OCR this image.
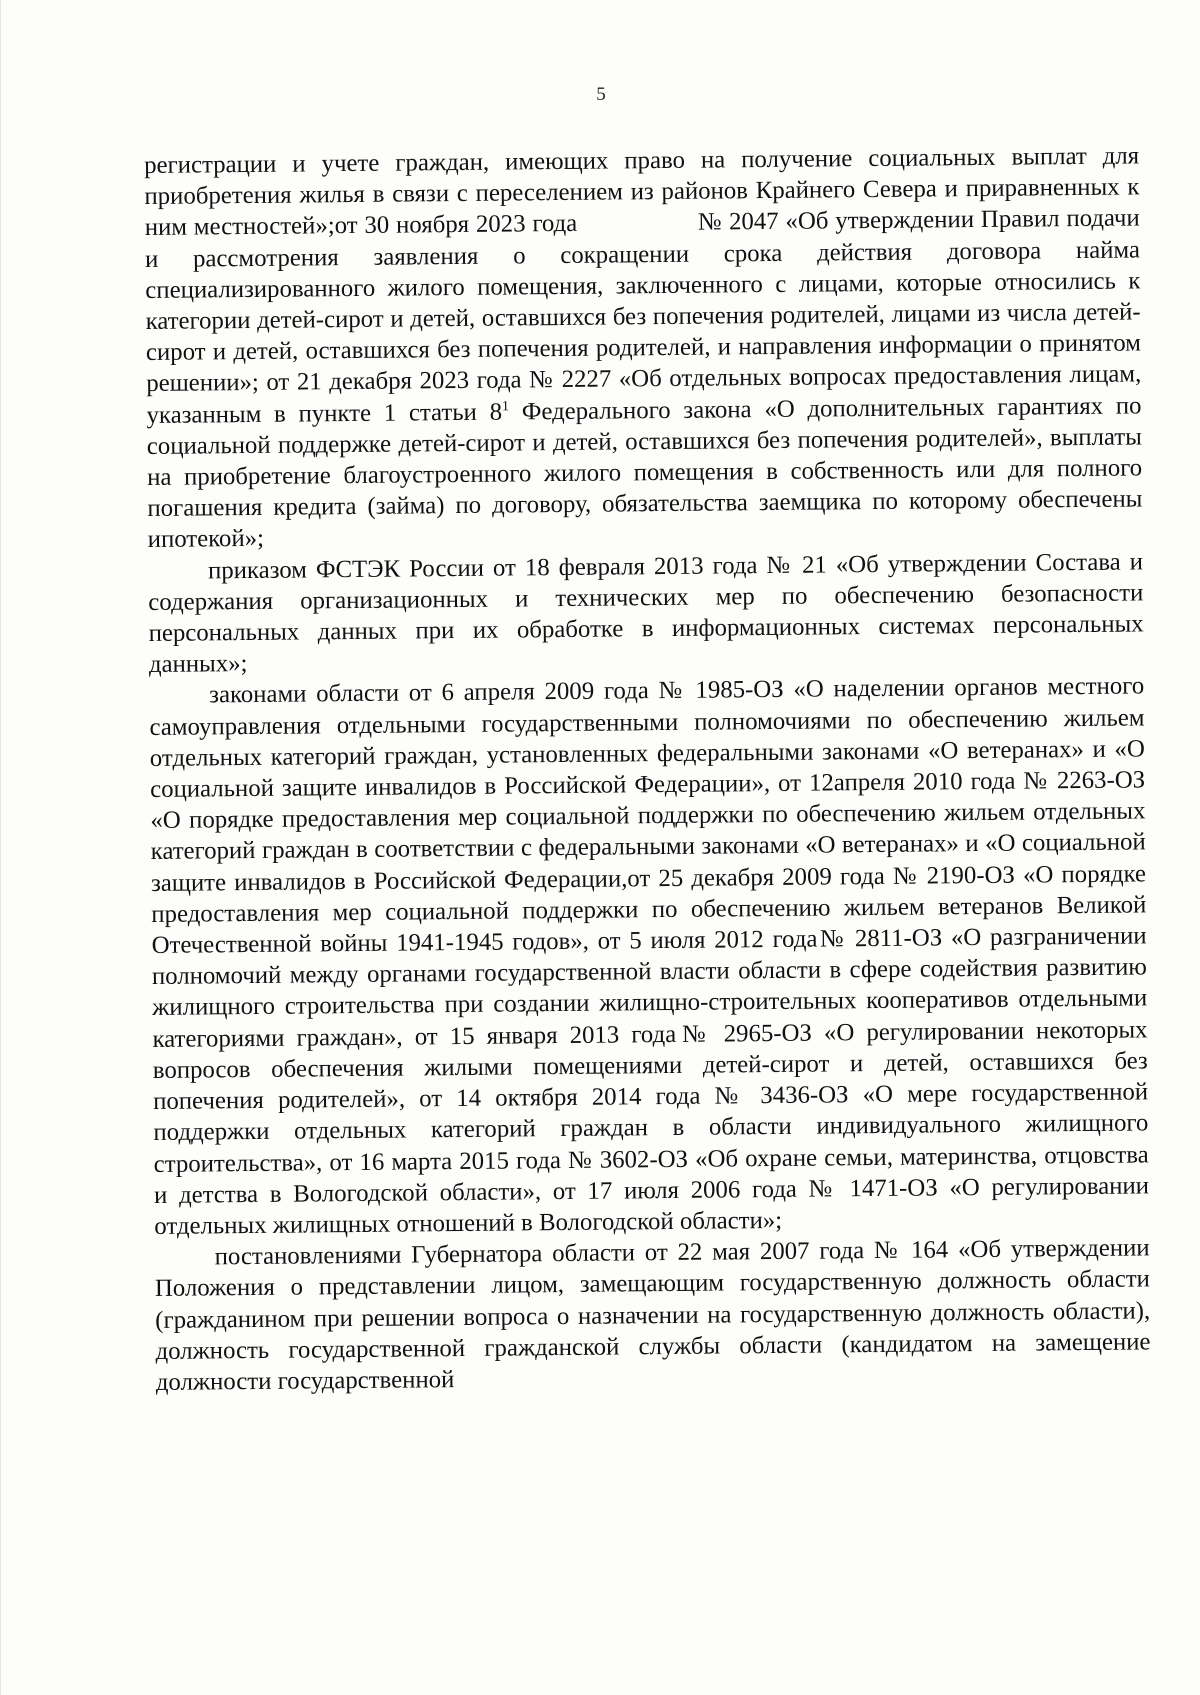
5

регистрации и учете граждан, имеющих право на получение социальных выплат для приобретения жилья в связи с переселением из районов Крайнего Севера и приравненных к ним местностей»;от 30 ноября 2023 года	№ 2047 «Об утверждении Правил подачи и рассмотрения заявления о сокращении срока действия договора найма специализированного жилого помещения, заключенного с лицами, которые относились к категории детей-сирот и детей, оставшихся без попечения родителей, лицами из числа детей-сирот и детей, оставшихся без попечения родителей, и направления информации о принятом решении»; от 21 декабря 2023 года № 2227 «Об отдельных вопросах предоставления лицам, указанным в пункте 1 статьи $8^1$ Федерального закона «О дополнительных гарантиях по социальной поддержке детей-сирот и детей, оставшихся без попечения родителей», выплаты на приобретение благоустроенного жилого помещения в собственность или для полного погашения кредита (займа) по договору, обязательства заемщика по которому обеспечены ипотекой»;

приказом ФСТЭК России от 18 февраля 2013 года № 21 «Об утверждении Состава и содержания организационных и технических мер по обеспечению безопасности персональных данных при их обработке в информационных системах персональных данных»;

законами области от 6 апреля 2009 года № 1985-ОЗ «О наделении органов местного самоуправления отдельными государственными полномочиями по обеспечению жильем отдельных категорий граждан, установленных федеральными законами «О ветеранах» и «О социальной защите инвалидов в Российской Федерации», от 12апреля 2010 года № 2263-ОЗ «О порядке предоставления мер социальной поддержки по обеспечению жильем отдельных категорий граждан в соответствии с федеральными законами «О ветеранах» и «О социальной защите инвалидов в Российской Федерации,от 25 декабря 2009 года № 2190-ОЗ «О порядке предоставления мер социальной поддержки по обеспечению жильем ветеранов Великой Отечественной войны 1941-1945 годов», от 5 июля 2012 года№ 2811-ОЗ «О разграничении полномочий между органами государственной власти области в сфере содействия развитию жилищного строительства при создании жилищно-строительных кооперативов отдельными категориями граждан», от 15 января 2013 года№ 2965-ОЗ «О регулировании некоторых вопросов обеспечения жилыми помещениями детей-сирот и детей, оставшихся без попечения родителей», от 14 октября 2014 года № 3436-ОЗ «О мере государственной поддержки отдельных категорий граждан в области индивидуального жилищного строительства», от 16 марта 2015 года № 3602-ОЗ «Об охране семьи, материнства, отцовства и детства в Вологодской области», от 17 июля 2006 года № 1471-ОЗ «О регулировании отдельных жилищных отношений в Вологодской области»;

постановлениями Губернатора области от 22 мая 2007 года № 164 «Об утверждении Положения о представлении лицом, замещающим государственную должность области (гражданином при решении вопроса о назначении на государственную должность области), должность государственной гражданской службы области (кандидатом на замещение должности государственной
